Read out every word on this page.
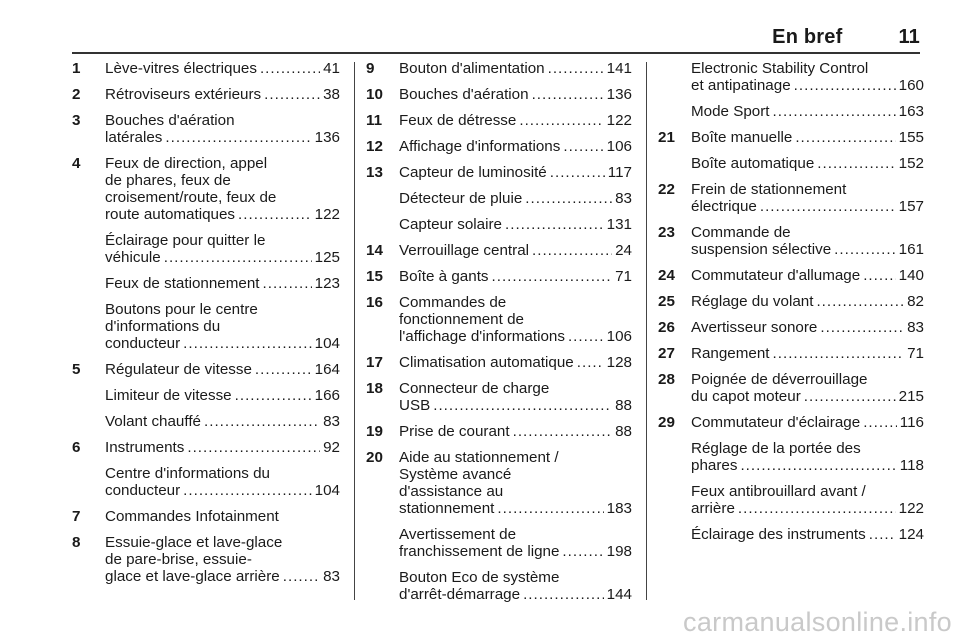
En bref	11
1	Lève-vitres électriques .....	41
2	Rétroviseurs extérieurs .....	38
3	Bouches d'aération
latérales .....	136
4	Feux de direction, appel
de phares, feux de
croisement/route, feux de
route automatiques .....	122
Éclairage pour quitter le
véhicule .....	125
Feux de stationnement .....	123
Boutons pour le centre
d'informations du
conducteur .....	104
5	Régulateur de vitesse .....	164
Limiteur de vitesse .....	166
Volant chauffé .....	83
6	Instruments .....	92
Centre d'informations du
conducteur .....	104
7	Commandes Infotainment
8	Essuie-glace et lave-glace
de pare-brise, essuie-
glace et lave-glace arrière .....	83
9	Bouton d'alimentation .....	141
10	Bouches d'aération .....	136
11	Feux de détresse .....	122
12	Affichage d'informations .....	106
13	Capteur de luminosité .....	117
Détecteur de pluie .....	83
Capteur solaire .....	131
14	Verrouillage central .....	24
15	Boîte à gants .....	71
16	Commandes de
fonctionnement de
l'affichage d'informations .....	106
17	Climatisation automatique ..... 128
18	Connecteur de charge
USB .....	88
19	Prise de courant .....	88
20	Aide au stationnement /
Système avancé
d'assistance au
stationnement .....	183
Avertissement de
franchissement de ligne .....	198
Bouton Eco de système
d'arrêt-démarrage .....	144
Electronic Stability Control
et antipatinage .....	160
Mode Sport .....	163
21	Boîte manuelle .....	155
Boîte automatique .....	152
22	Frein de stationnement
électrique .....	157
23	Commande de
suspension sélective .....	161
24	Commutateur d'allumage .....	140
25	Réglage du volant .....	82
26	Avertisseur sonore .....	83
27	Rangement .....	71
28	Poignée de déverrouillage
du capot moteur .....	215
29	Commutateur d'éclairage .....	116
Réglage de la portée des
phares .....	118
Feux antibrouillard avant /
arrière .....	122
Éclairage des instruments ..... 124
carmanualsonline.info
